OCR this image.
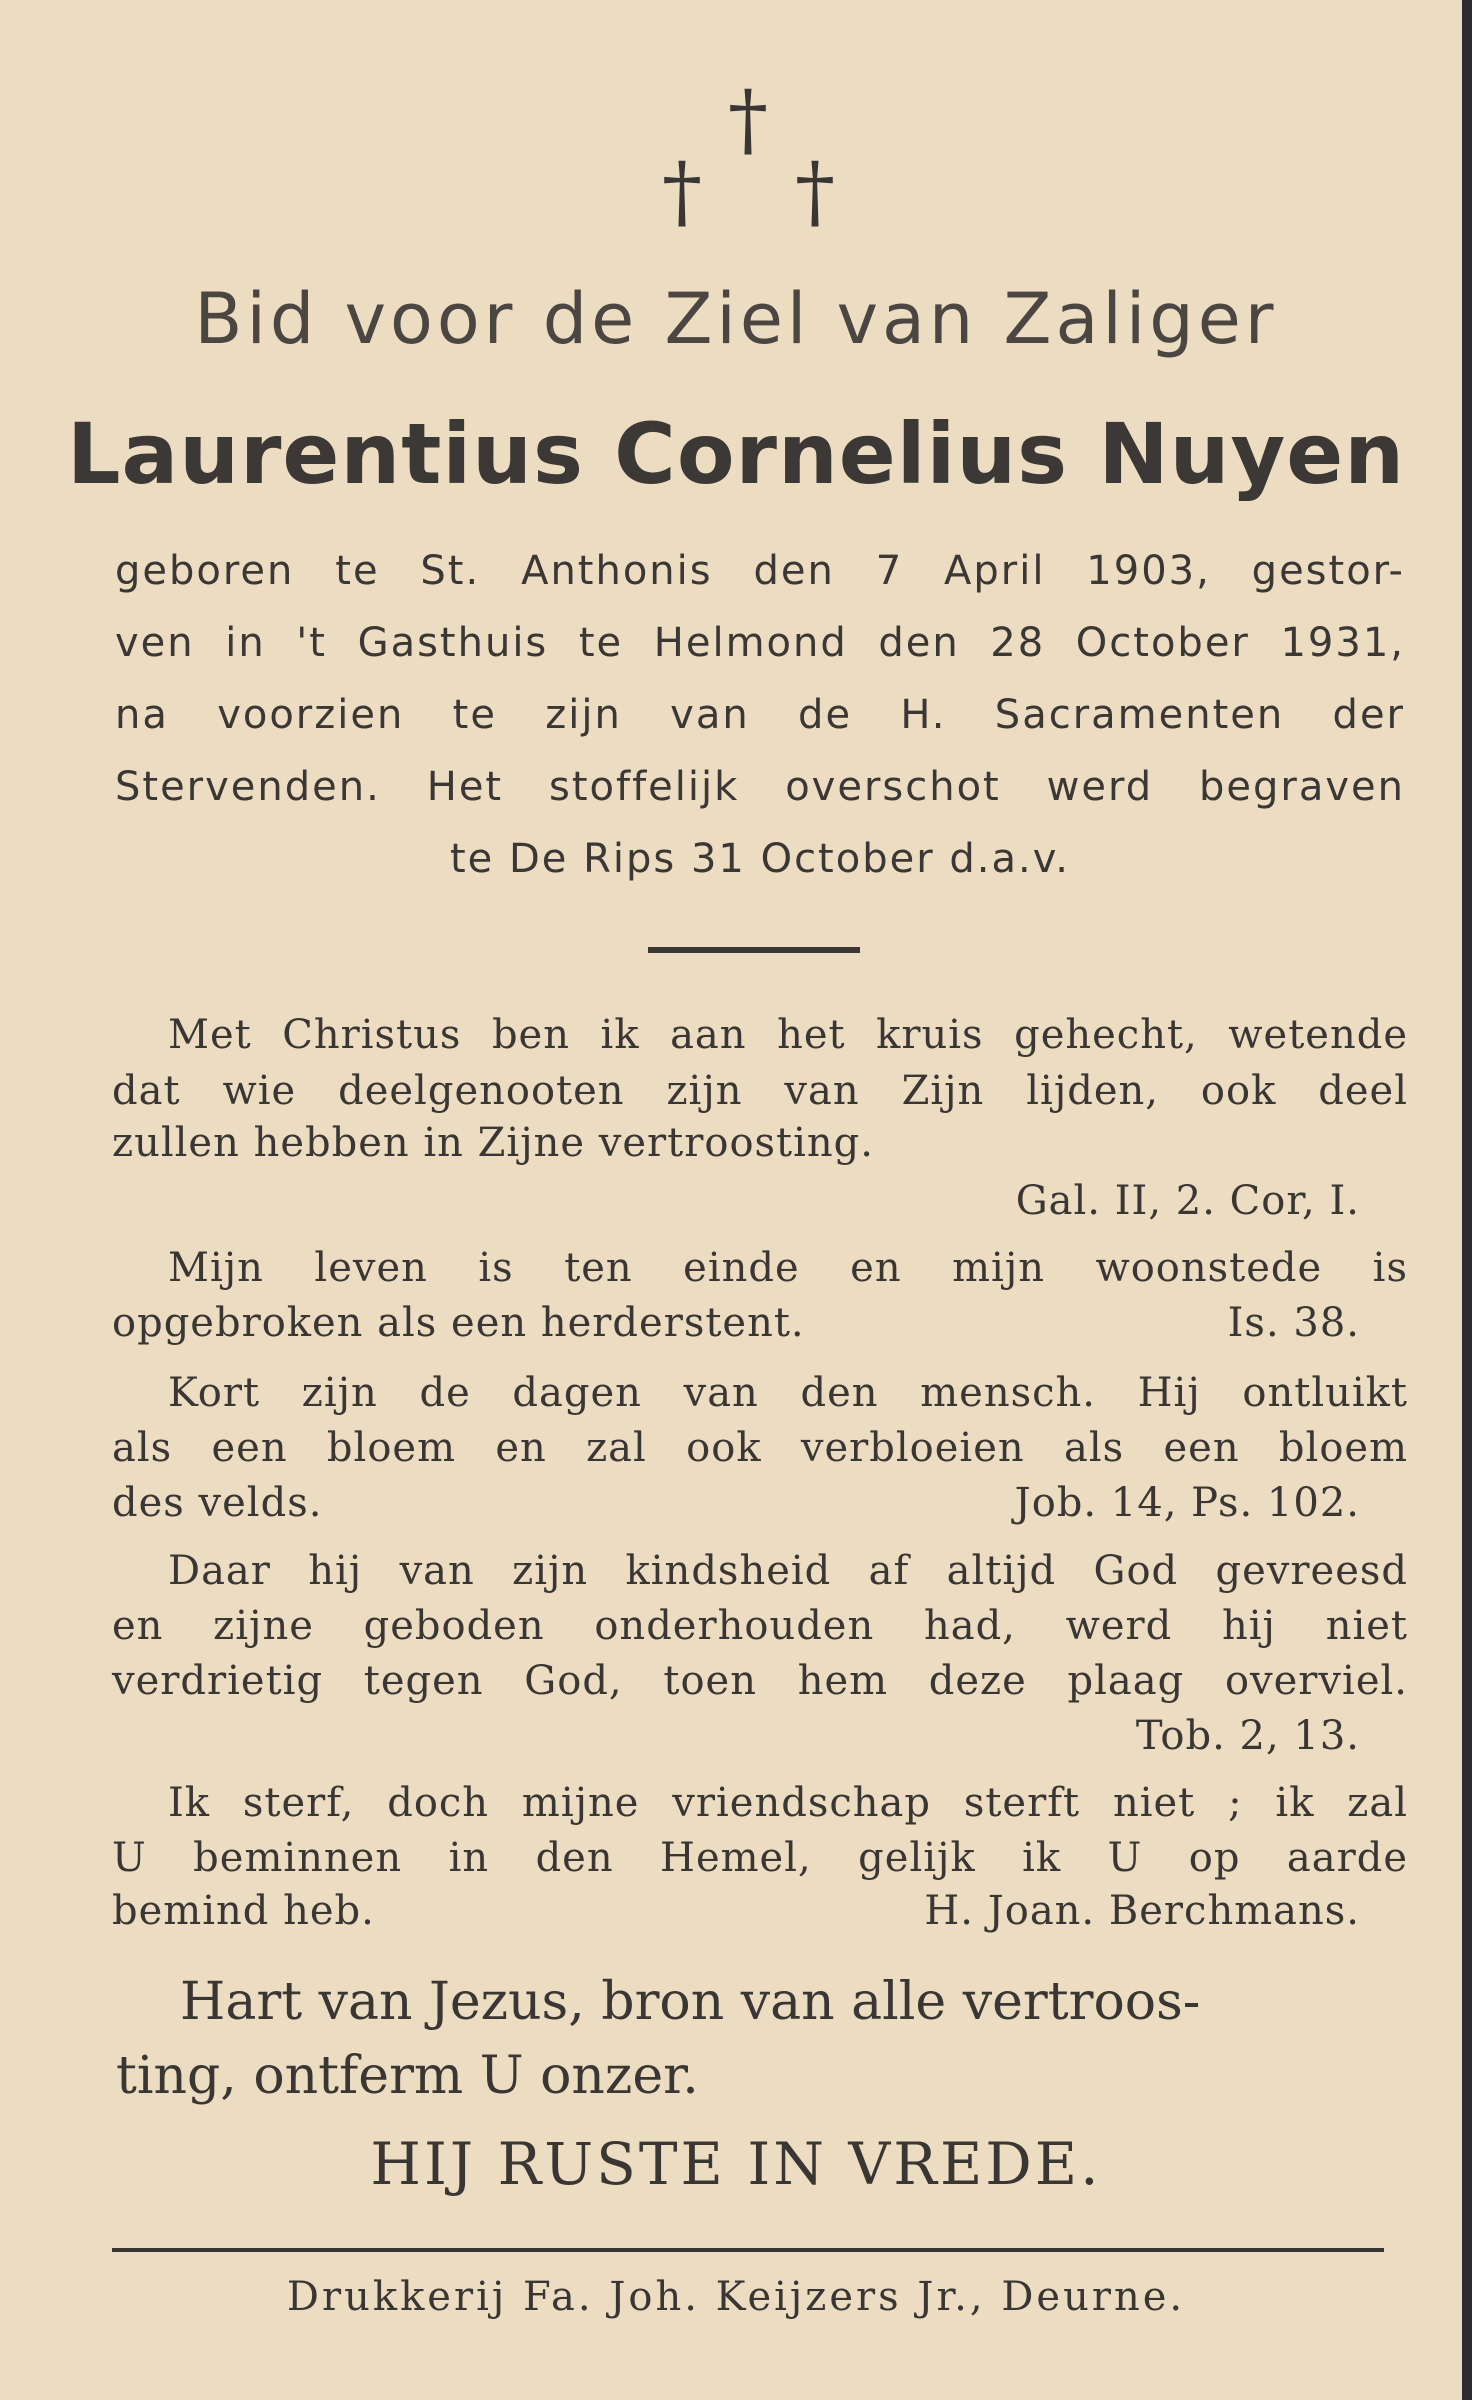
†
† †
Bid voor de Ziel van Zaliger
Laurentius Cornelius Nuyen
geboren te St. Anthonis den 7 April 1903, gestor-
ven in 't Gasthuis te Helmond den 28 October 1931,
na voorzien te zijn van de H. Sacramenten der
Stervenden. Het stoffelijk overschot werd begraven
te De Rips 31 October d.a.v.
Met Christus ben ik aan het kruis gehecht, wetende
dat wie deelgenooten zijn van Zijn lijden, ook deel
zullen hebben in Zijne vertroosting.
Gal. II, 2. Cor, I.
Mijn leven is ten einde en mijn woonstede is
opgebroken als een herderstent.	Is. 38.
Kort zijn de dagen van den mensch. Hij ontluikt
als een bloem en zal ook verbloeien als een bloem
des velds.	Job. 14, Ps. 102.
Daar hij van zijn kindsheid af altijd God gevreesd
en zijne geboden onderhouden had, werd hij niet
verdrietig tegen God, toen hem deze plaag overviel.
Tob. 2, 13.
Ik sterf, doch mijne vriendschap sterft niet ; ik zal
U beminnen in den Hemel, gelijk ik U op aarde
bemind heb.	H. Joan. Berchmans.
Hart van Jezus, bron van alle vertroos-
ting, ontferm U onzer.
HIJ RUSTE IN VREDE.
Drukkerij Fa. Joh. Keijzers Jr., Deurne.
